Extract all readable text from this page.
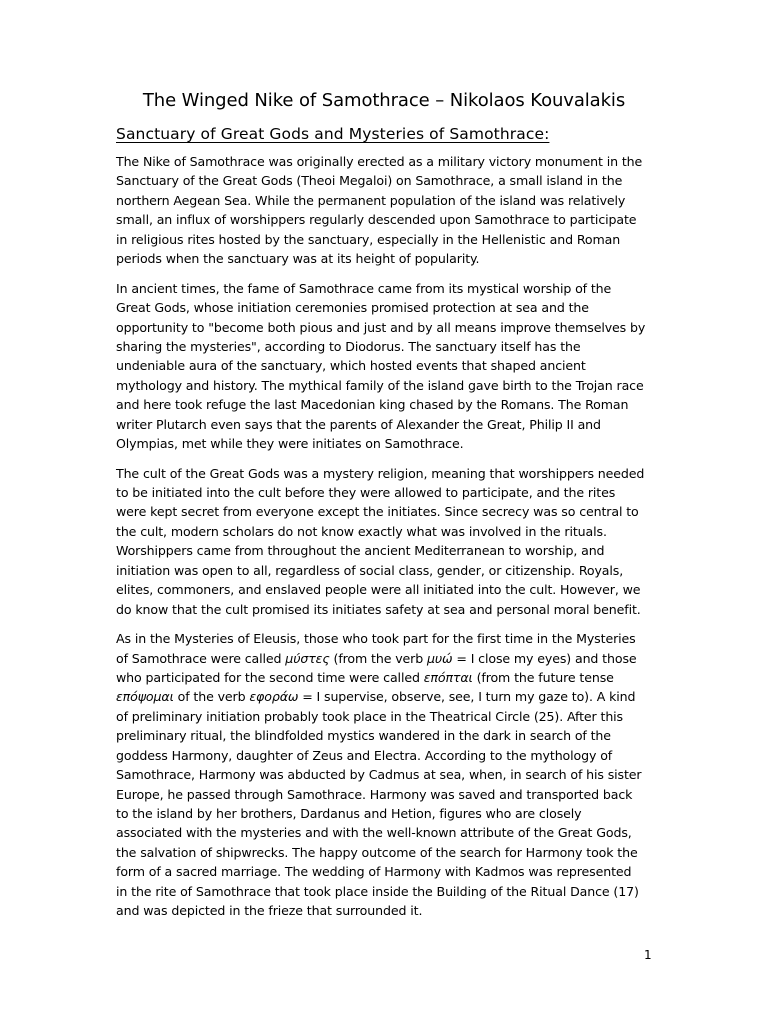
The Winged Nike of Samothrace – Nikolaos Kouvalakis
Sanctuary of Great Gods and Mysteries of Samothrace:
The Nike of Samothrace was originally erected as a military victory monument in the
Sanctuary of the Great Gods (Theoi Megaloi) on Samothrace, a small island in the
northern Aegean Sea. While the permanent population of the island was relatively
small, an influx of worshippers regularly descended upon Samothrace to participate
in religious rites hosted by the sanctuary, especially in the Hellenistic and Roman
periods when the sanctuary was at its height of popularity.
In ancient times, the fame of Samothrace came from its mystical worship of the
Great Gods, whose initiation ceremonies promised protection at sea and the
opportunity to "become both pious and just and by all means improve themselves by
sharing the mysteries", according to Diodorus. The sanctuary itself has the
undeniable aura of the sanctuary, which hosted events that shaped ancient
mythology and history. The mythical family of the island gave birth to the Trojan race
and here took refuge the last Macedonian king chased by the Romans. The Roman
writer Plutarch even says that the parents of Alexander the Great, Philip II and
Olympias, met while they were initiates on Samothrace.
The cult of the Great Gods was a mystery religion, meaning that worshippers needed
to be initiated into the cult before they were allowed to participate, and the rites
were kept secret from everyone except the initiates. Since secrecy was so central to
the cult, modern scholars do not know exactly what was involved in the rituals.
Worshippers came from throughout the ancient Mediterranean to worship, and
initiation was open to all, regardless of social class, gender, or citizenship. Royals,
elites, commoners, and enslaved people were all initiated into the cult. However, we
do know that the cult promised its initiates safety at sea and personal moral benefit.
As in the Mysteries of Eleusis, those who took part for the first time in the Mysteries
of Samothrace were called μύστες (from the verb μυώ = I close my eyes) and those
who participated for the second time were called επόπται (from the future tense
επόψομαι of the verb εφοράω = I supervise, observe, see, I turn my gaze to). A kind
of preliminary initiation probably took place in the Theatrical Circle (25). After this
preliminary ritual, the blindfolded mystics wandered in the dark in search of the
goddess Harmony, daughter of Zeus and Electra. According to the mythology of
Samothrace, Harmony was abducted by Cadmus at sea, when, in search of his sister
Europe, he passed through Samothrace. Harmony was saved and transported back
to the island by her brothers, Dardanus and Hetion, figures who are closely
associated with the mysteries and with the well-known attribute of the Great Gods,
the salvation of shipwrecks. The happy outcome of the search for Harmony took the
form of a sacred marriage. The wedding of Harmony with Kadmos was represented
in the rite of Samothrace that took place inside the Building of the Ritual Dance (17)
and was depicted in the frieze that surrounded it.
1
